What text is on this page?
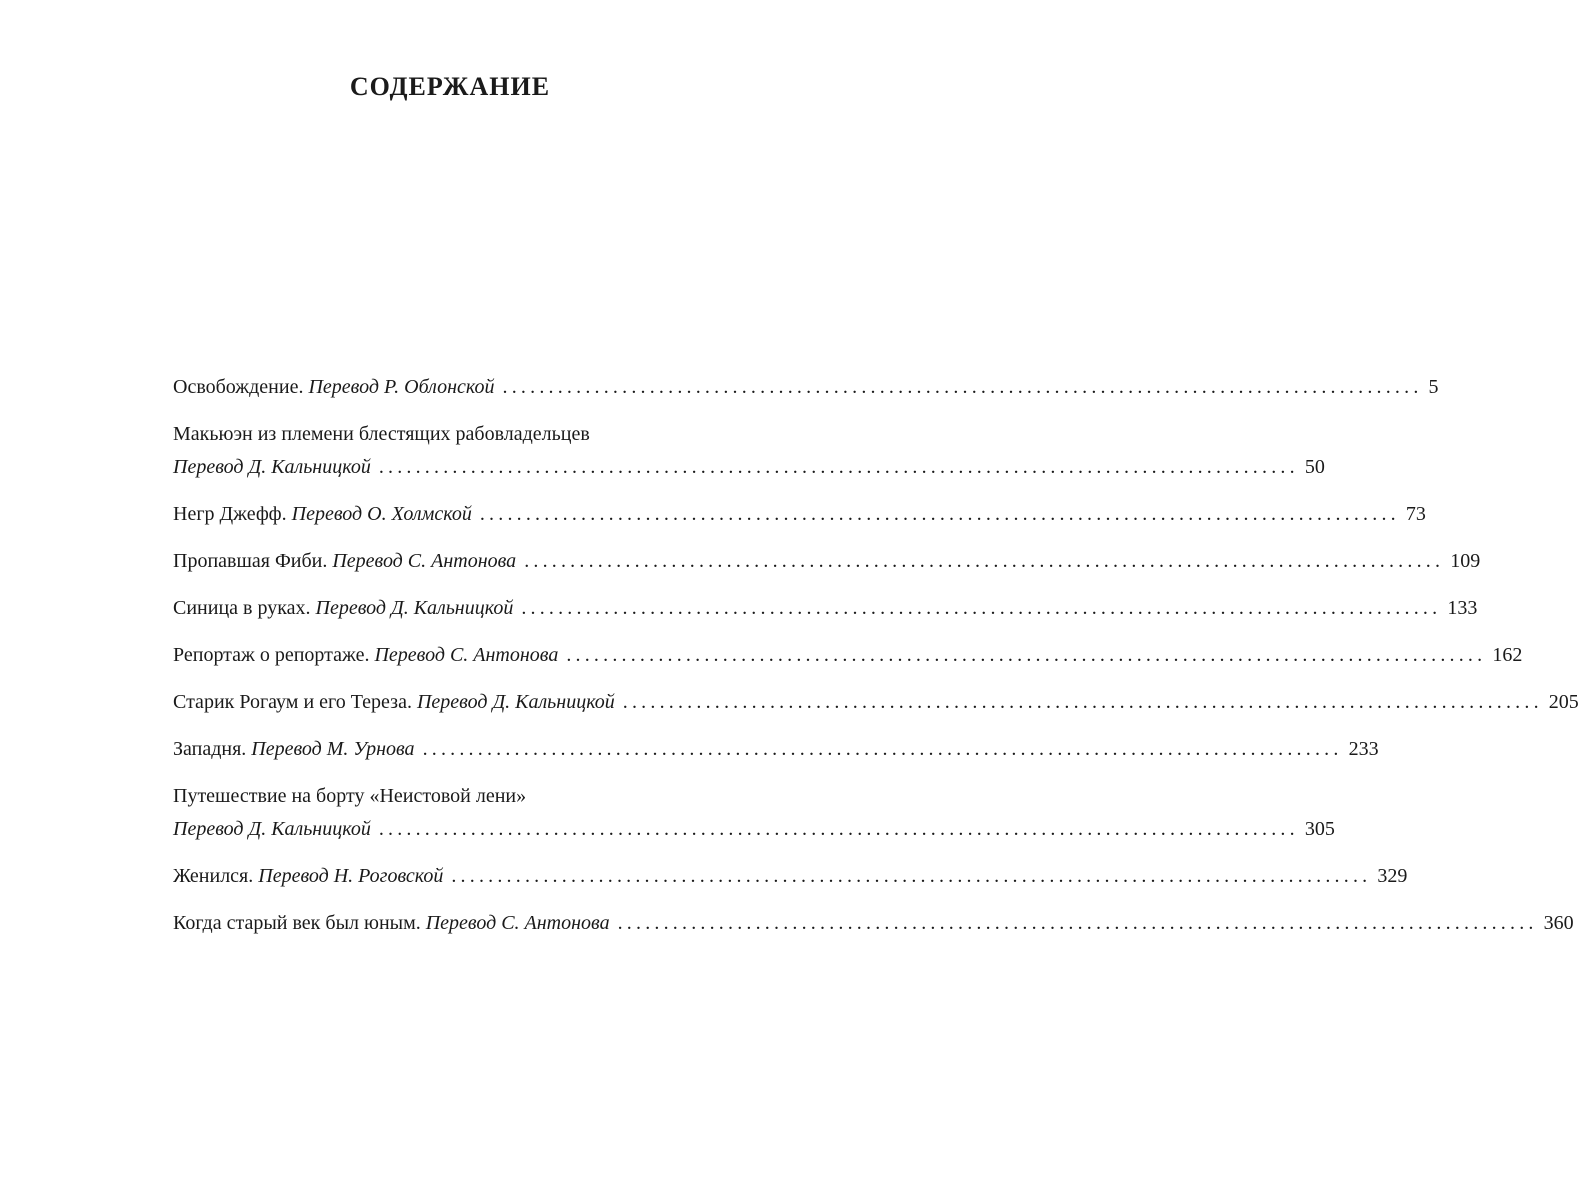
СОДЕРЖАНИЕ
Освобождение.
Перевод Р. Облонской .................................................................................................... 5
Макьюэн из племени блестящих рабовладельцев
Перевод Д. Кальницкой .................................................................................................... 50
Негр Джефф.
Перевод О. Холмской .................................................................................................... 73
Пропавшая Фиби.
Перевод С. Антонова .................................................................................................... 109
Синица в руках.
Перевод Д. Кальницкой .................................................................................................... 133
Репортаж о репортаже.
Перевод С. Антонова .................................................................................................... 162
Старик Рогаум и его Тереза.
Перевод Д. Кальницкой .................................................................................................... 205
Западня.
Перевод М. Урнова .................................................................................................... 233
Путешествие на борту «Неистовой лени»
Перевод Д. Кальницкой .................................................................................................... 305
Женился.
Перевод Н. Роговской .................................................................................................... 329
Когда старый век был юным.
Перевод С. Антонова .................................................................................................... 360
